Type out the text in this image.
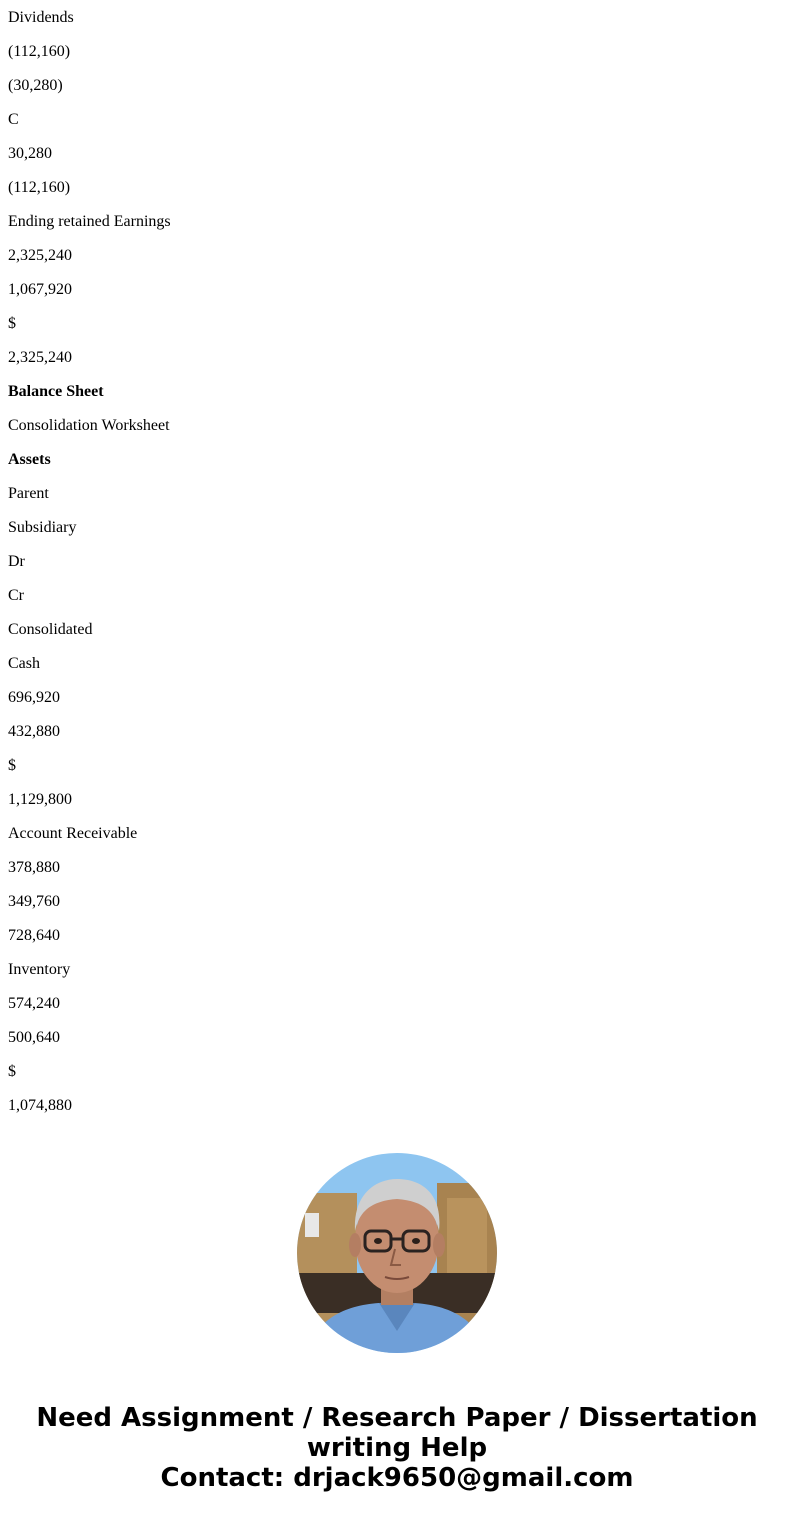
Dividends
(112,160)
(30,280)
C
30,280
(112,160)
Ending retained Earnings
2,325,240
1,067,920
$
2,325,240
Balance Sheet
Consolidation Worksheet
Assets
Parent
Subsidiary
Dr
Cr
Consolidated
Cash
696,920
432,880
$
1,129,800
Account Receivable
378,880
349,760
728,640
Inventory
574,240
500,640
$
1,074,880
Need Assignment / Research Paper / Dissertation
writing Help
Contact: drjack9650@gmail.com
